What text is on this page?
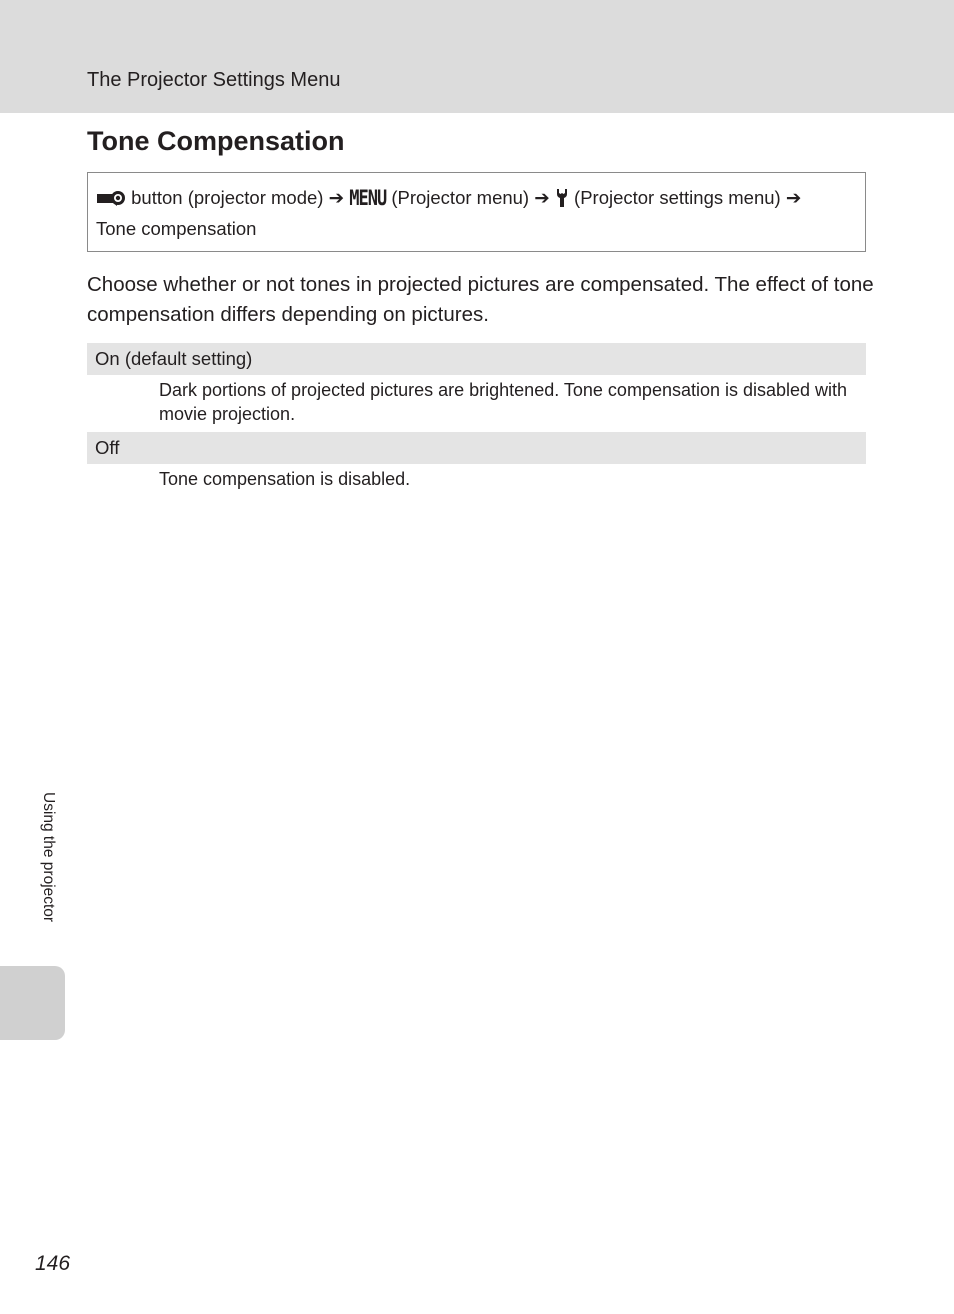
The Projector Settings Menu
Tone Compensation
button (projector mode) ➔ MENU (Projector menu) ➔ (Projector settings menu) ➔
Tone compensation

Choose whether or not tones in projected pictures are compensated. The effect of tone compensation differs depending on pictures.

On (default setting)

Dark portions of projected pictures are brightened. Tone compensation is disabled with movie projection.

Off

Tone compensation is disabled.

Using the projector
146
